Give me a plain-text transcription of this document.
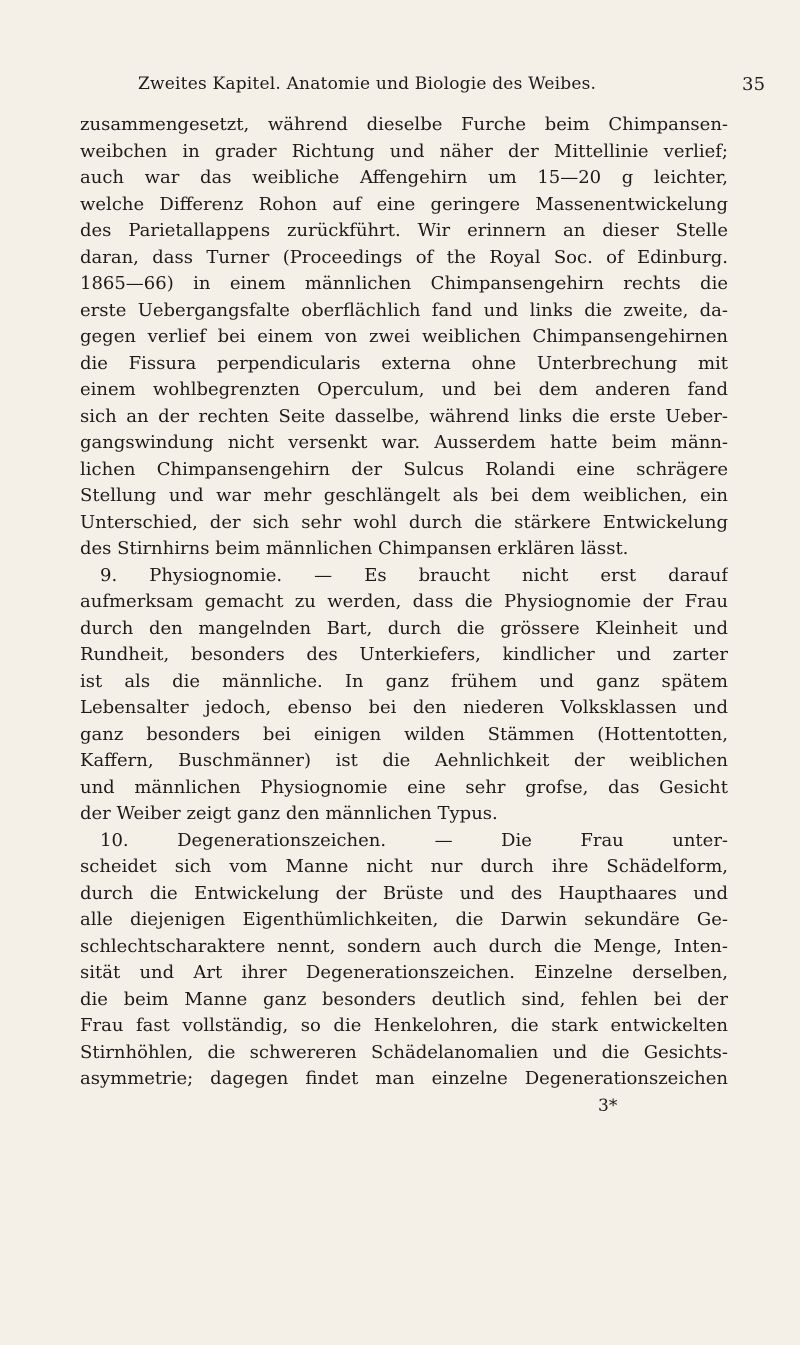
Zweites Kapitel. Anatomie und Biologie des Weibes.	35
zusammengesetzt, während dieselbe Furche beim Chimpansen-
weibchen in grader Richtung und näher der Mittellinie verlief;
auch war das weibliche Affengehirn um 15—20 g leichter,
welche Differenz Rohon auf eine geringere Massenentwickelung
des Parietallappens zurückführt. Wir erinnern an dieser Stelle
daran, dass Turner (Proceedings of the Royal Soc. of Edinburg.
1865—66) in einem männlichen Chimpansengehirn rechts die
erste Uebergangsfalte oberflächlich fand und links die zweite, da-
gegen verlief bei einem von zwei weiblichen Chimpansengehirnen
die Fissura perpendicularis externa ohne Unterbrechung mit
einem wohlbegrenzten Operculum, und bei dem anderen fand
sich an der rechten Seite dasselbe, während links die erste Ueber-
gangswindung nicht versenkt war. Ausserdem hatte beim männ-
lichen Chimpansengehirn der Sulcus Rolandi eine schrägere
Stellung und war mehr geschlängelt als bei dem weiblichen, ein
Unterschied, der sich sehr wohl durch die stärkere Entwickelung
des Stirnhirns beim männlichen Chimpansen erklären lässt.
9. Physiognomie. — Es braucht nicht erst darauf
aufmerksam gemacht zu werden, dass die Physiognomie der Frau
durch den mangelnden Bart, durch die grössere Kleinheit und
Rundheit, besonders des Unterkiefers, kindlicher und zarter
ist als die männliche. In ganz frühem und ganz spätem
Lebensalter jedoch, ebenso bei den niederen Volksklassen und
ganz besonders bei einigen wilden Stämmen (Hottentotten,
Kaffern, Buschmänner) ist die Aehnlichkeit der weiblichen
und männlichen Physiognomie eine sehr grofse, das Gesicht
der Weiber zeigt ganz den männlichen Typus.
10. Degenerationszeichen. — Die Frau unter-
scheidet sich vom Manne nicht nur durch ihre Schädelform,
durch die Entwickelung der Brüste und des Haupthaares und
alle diejenigen Eigenthümlichkeiten, die Darwin sekundäre Ge-
schlechtscharaktere nennt, sondern auch durch die Menge, Inten-
sität und Art ihrer Degenerationszeichen. Einzelne derselben,
die beim Manne ganz besonders deutlich sind, fehlen bei der
Frau fast vollständig, so die Henkelohren, die stark entwickelten
Stirnhöhlen, die schwereren Schädelanomalien und die Gesichts-
asymmetrie; dagegen findet man einzelne Degenerationszeichen
3*
